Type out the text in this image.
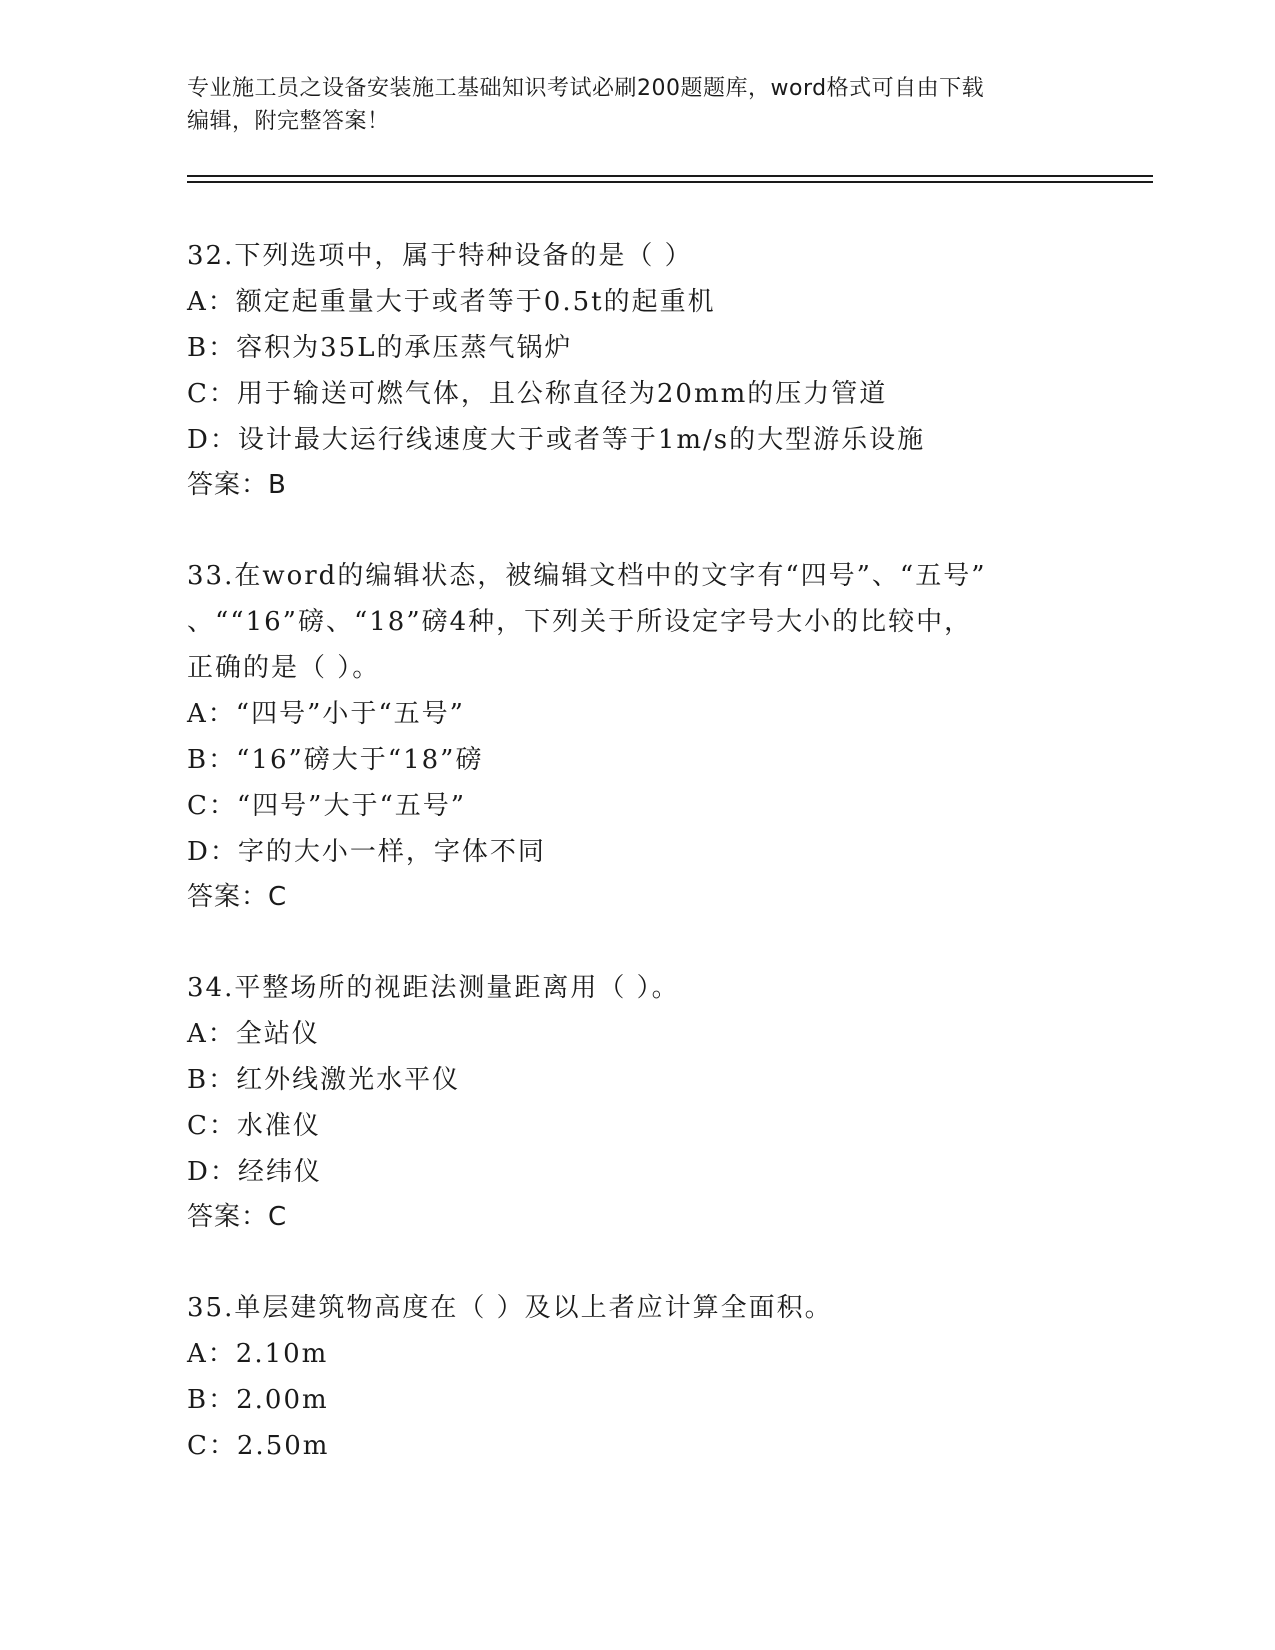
专业施工员之设备安装施工基础知识考试必刷200题题库，word格式可自由下载
编辑，附完整答案！
32.下列选项中，属于特种设备的是（ ）
A：额定起重量大于或者等于0.5t的起重机
B：容积为35L的承压蒸气锅炉
C：用于输送可燃气体，且公称直径为20mm的压力管道
D：设计最大运行线速度大于或者等于1m/s的大型游乐设施
答案：B
33.在word的编辑状态，被编辑文档中的文字有“四号”、“五号”
、““16”磅、“18”磅4种，下列关于所设定字号大小的比较中，
正确的是（ ）。
A：“四号”小于“五号”
B：“16”磅大于“18”磅
C：“四号”大于“五号”
D：字的大小一样，字体不同
答案：C
34.平整场所的视距法测量距离用（ ）。
A：全站仪
B：红外线激光水平仪
C：水准仪
D：经纬仪
答案：C
35.单层建筑物高度在（ ）及以上者应计算全面积。
A：2.10m
B：2.00m
C：2.50m
